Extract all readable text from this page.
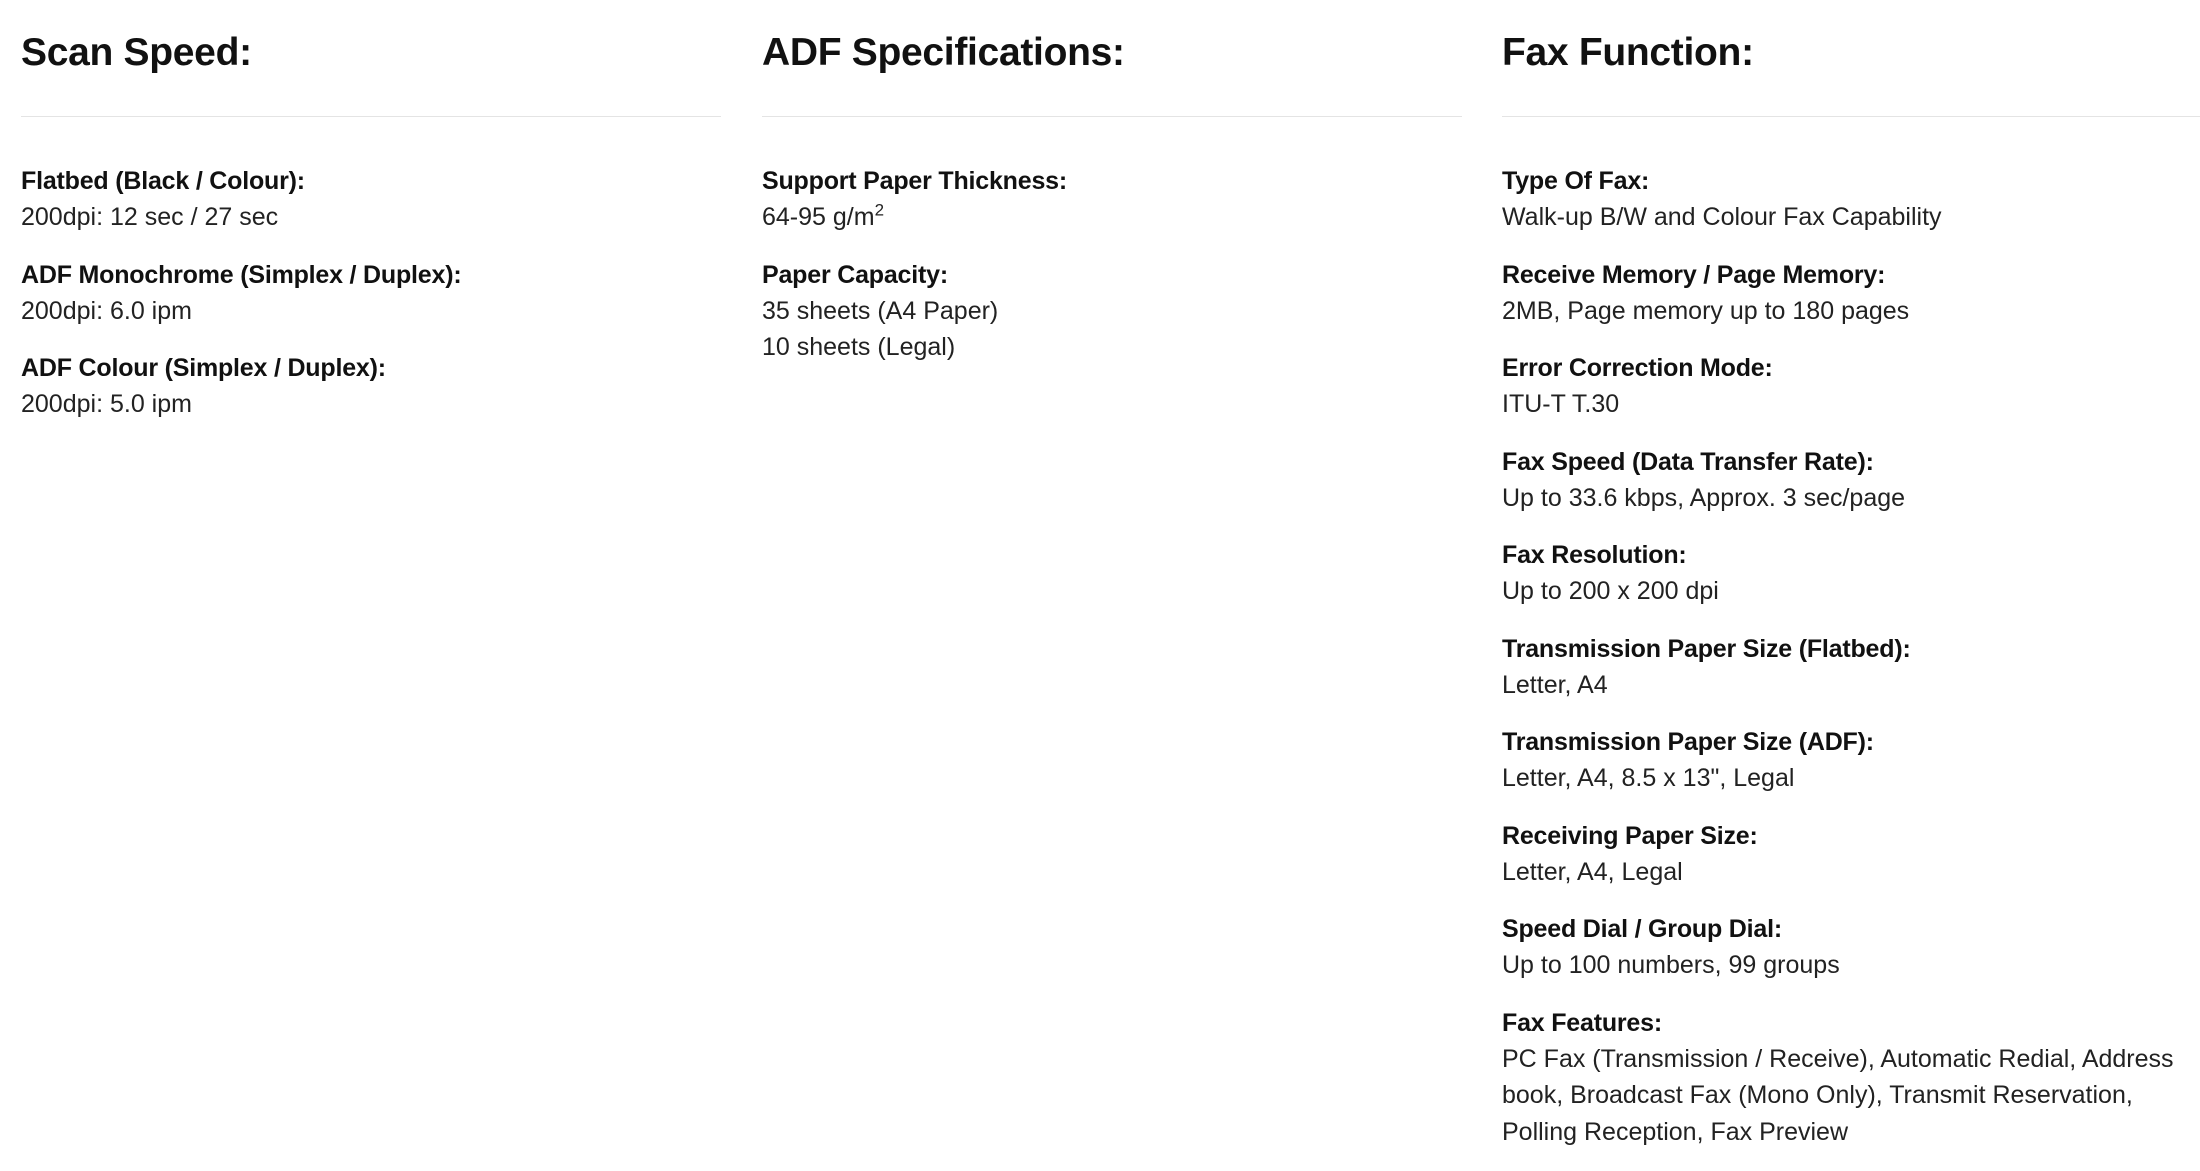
Scan Speed:
Flatbed (Black / Colour):
200dpi: 12 sec / 27 sec
ADF Monochrome (Simplex / Duplex):
200dpi: 6.0 ipm
ADF Colour (Simplex / Duplex):
200dpi: 5.0 ipm
ADF Specifications:
Support Paper Thickness:
64-95 $g/m^2$
Paper Capacity:
35 sheets (A4 Paper)
10 sheets (Legal)
Fax Function:
Type Of Fax:
Walk-up B/W and Colour Fax Capability
Receive Memory / Page Memory:
2MB, Page memory up to 180 pages
Error Correction Mode:
ITU-T T.30
Fax Speed (Data Transfer Rate):
Up to 33.6 kbps, Approx. 3 sec/page
Fax Resolution:
Up to 200 x 200 dpi
Transmission Paper Size (Flatbed):
Letter, A4
Transmission Paper Size (ADF):
Letter, A4, 8.5 x 13", Legal
Receiving Paper Size:
Letter, A4, Legal
Speed Dial / Group Dial:
Up to 100 numbers, 99 groups
Fax Features:
PC Fax (Transmission / Receive), Automatic Redial, Address
book, Broadcast Fax (Mono Only), Transmit Reservation,
Polling Reception, Fax Preview
